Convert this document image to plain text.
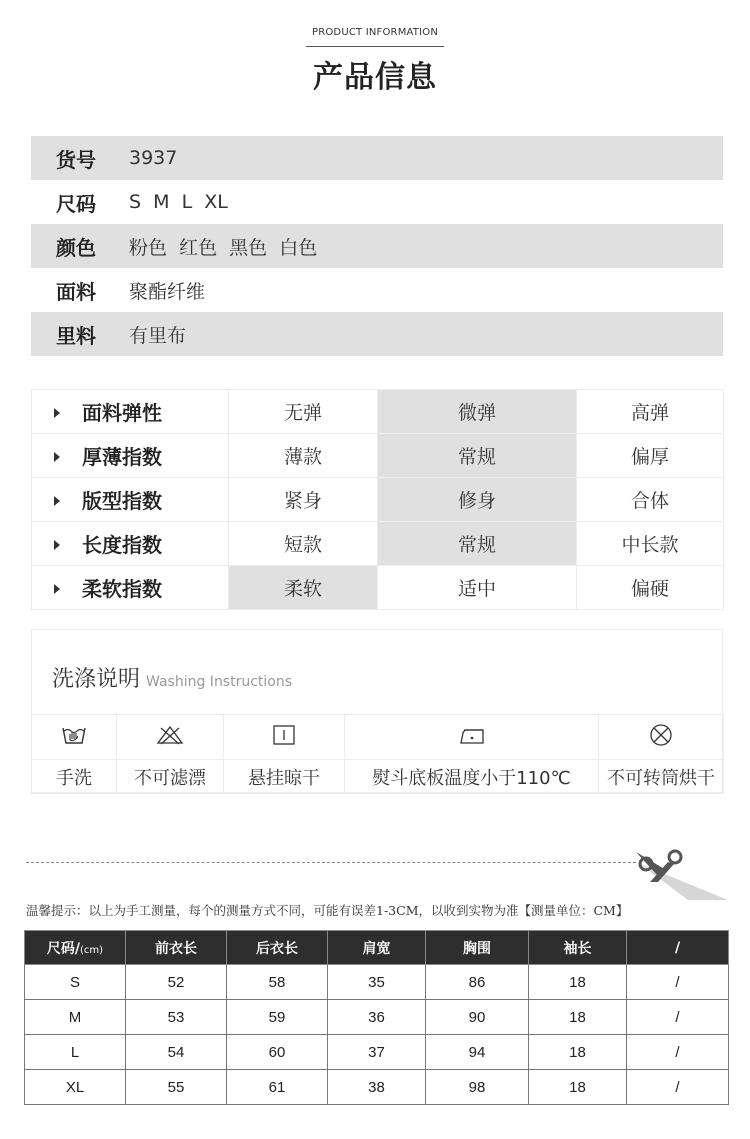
PRODUCT INFORMATION
产品信息
货号	3937
尺码	S  M  L  XL
颜色	粉色  红色  黑色  白色
面料	聚酯纤维
里料	有里布
面料弹性	无弹	微弹	高弹
厚薄指数	薄款	常规	偏厚
版型指数	紧身	修身	合体
长度指数	短款	常规	中长款
柔软指数	柔软	适中	偏硬
洗涤说明 Washing Instructions

手洗	不可滤漂	悬挂晾干	熨斗底板温度小于110℃	不可转筒烘干
温馨提示：以上为手工测量，每个的测量方式不同，可能有误差1-3CM，以收到实物为准【测量单位：CM】
尺码/(cm)	前衣长	后衣长	肩宽	胸围	袖长	/
S	52	58	35	86	18	/
M	53	59	36	90	18	/
L	54	60	37	94	18	/
XL	55	61	38	98	18	/
